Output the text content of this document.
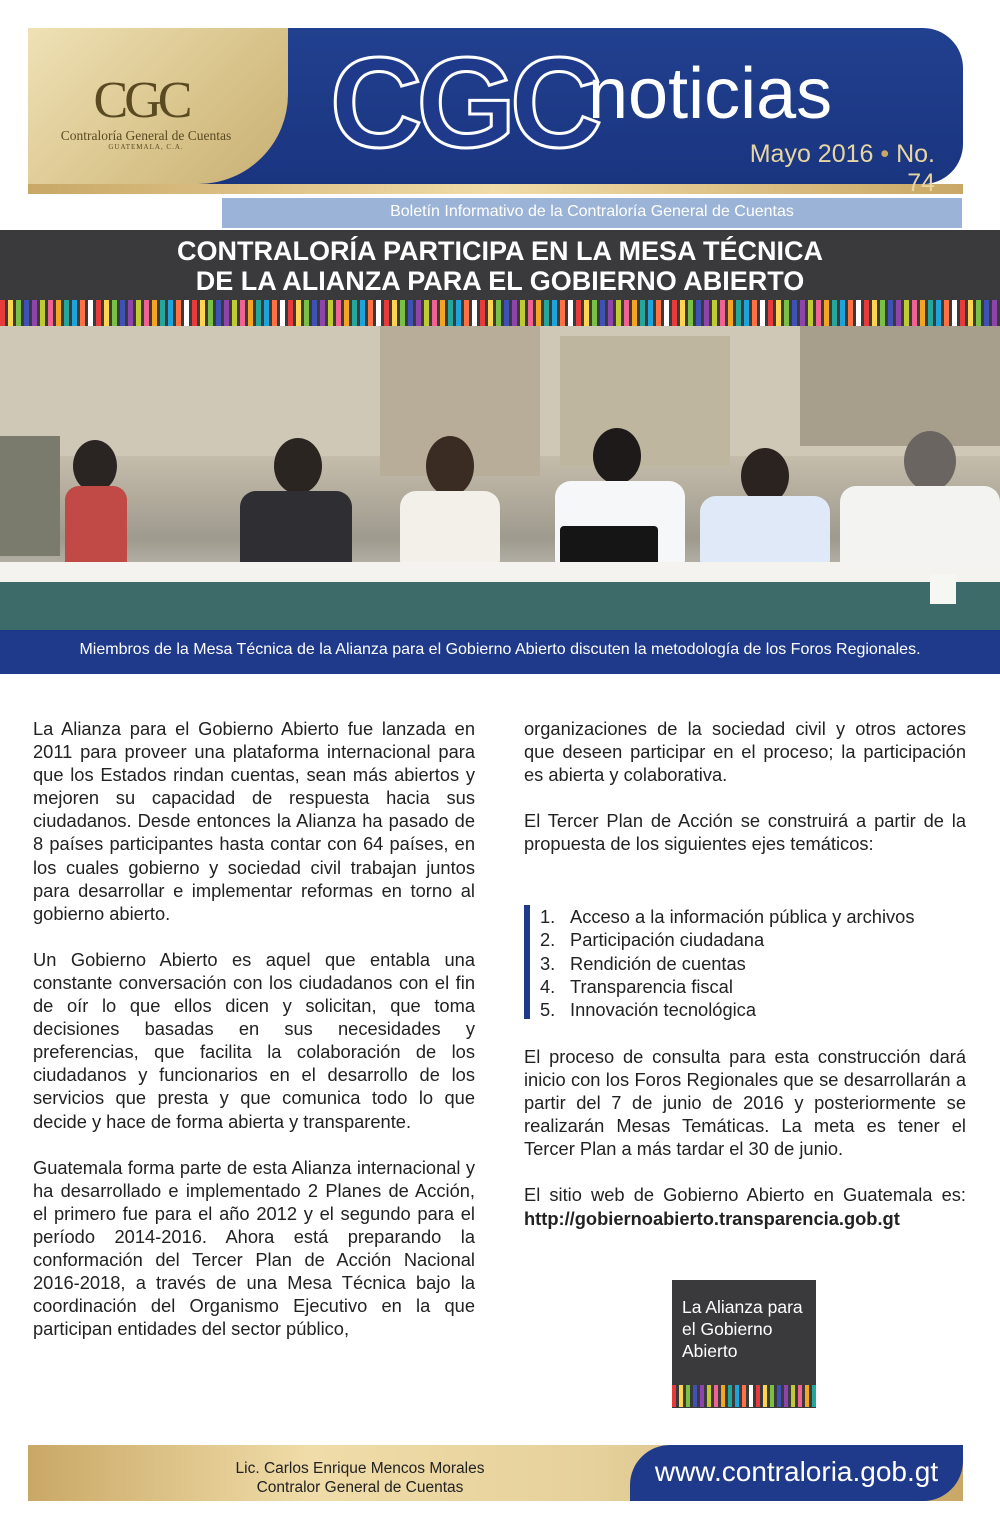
CGC
Contraloría General de Cuentas
GUATEMALA, C.A.	CGC
noticias
Mayo 2016 • No. 74
Boletín Informativo de la Contraloría General de Cuentas
CONTRALORÍA PARTICIPA EN LA MESA TÉCNICA
DE LA ALIANZA PARA EL GOBIERNO ABIERTO
Miembros de la Mesa Técnica de la Alianza para el Gobierno Abierto discuten la metodología de los Foros Regionales.

La Alianza para el Gobierno Abierto fue lanzada en 2011 para proveer una plataforma internacional para que los Estados rindan cuentas, sean más abiertos y mejoren su capacidad de respuesta hacia sus ciudadanos. Desde entonces la Alianza ha pasado de 8 países participantes hasta contar con 64 países, en los cuales gobierno y sociedad civil trabajan juntos para desarrollar e implementar reformas en torno al gobierno abierto.

Un Gobierno Abierto es aquel que entabla una constante conversación con los ciudadanos con el fin de oír lo que ellos dicen y solicitan, que toma decisiones basadas en sus necesidades y preferencias, que facilita la colaboración de los ciudadanos y funcionarios en el desarrollo de los servicios que presta y que comunica todo lo que decide y hace de forma abierta y transparente.

Guatemala forma parte de esta Alianza internacional y ha desarrollado e implementado 2 Planes de Acción, el primero fue para el año 2012 y el segundo para el período 2014-2016. Ahora está preparando la conformación del Tercer Plan de Acción Nacional 2016-2018, a través de una Mesa Técnica bajo la coordinación del Organismo Ejecutivo en la que participan entidades del sector público,

organizaciones de la sociedad civil y otros actores que deseen participar en el proceso; la participación es abierta y colaborativa.

El Tercer Plan de Acción se construirá a partir de la propuesta de los siguientes ejes temáticos:

1. Acceso a la información pública y archivos
2. Participación ciudadana
3. Rendición de cuentas
4. Transparencia fiscal
5. Innovación tecnológica

El proceso de consulta para esta construcción dará inicio con los Foros Regionales que se desarrollarán a partir del 7 de junio de 2016 y posteriormente se realizarán Mesas Temáticas. La meta es tener el Tercer Plan a más tardar el 30 de junio.

El sitio web de Gobierno Abierto en Guatemala es: http://gobiernoabierto.transparencia.gob.gt

La Alianza para
el Gobierno
Abierto
Lic. Carlos Enrique Mencos Morales
Contralor General de Cuentas
www.contraloria.gob.gt
